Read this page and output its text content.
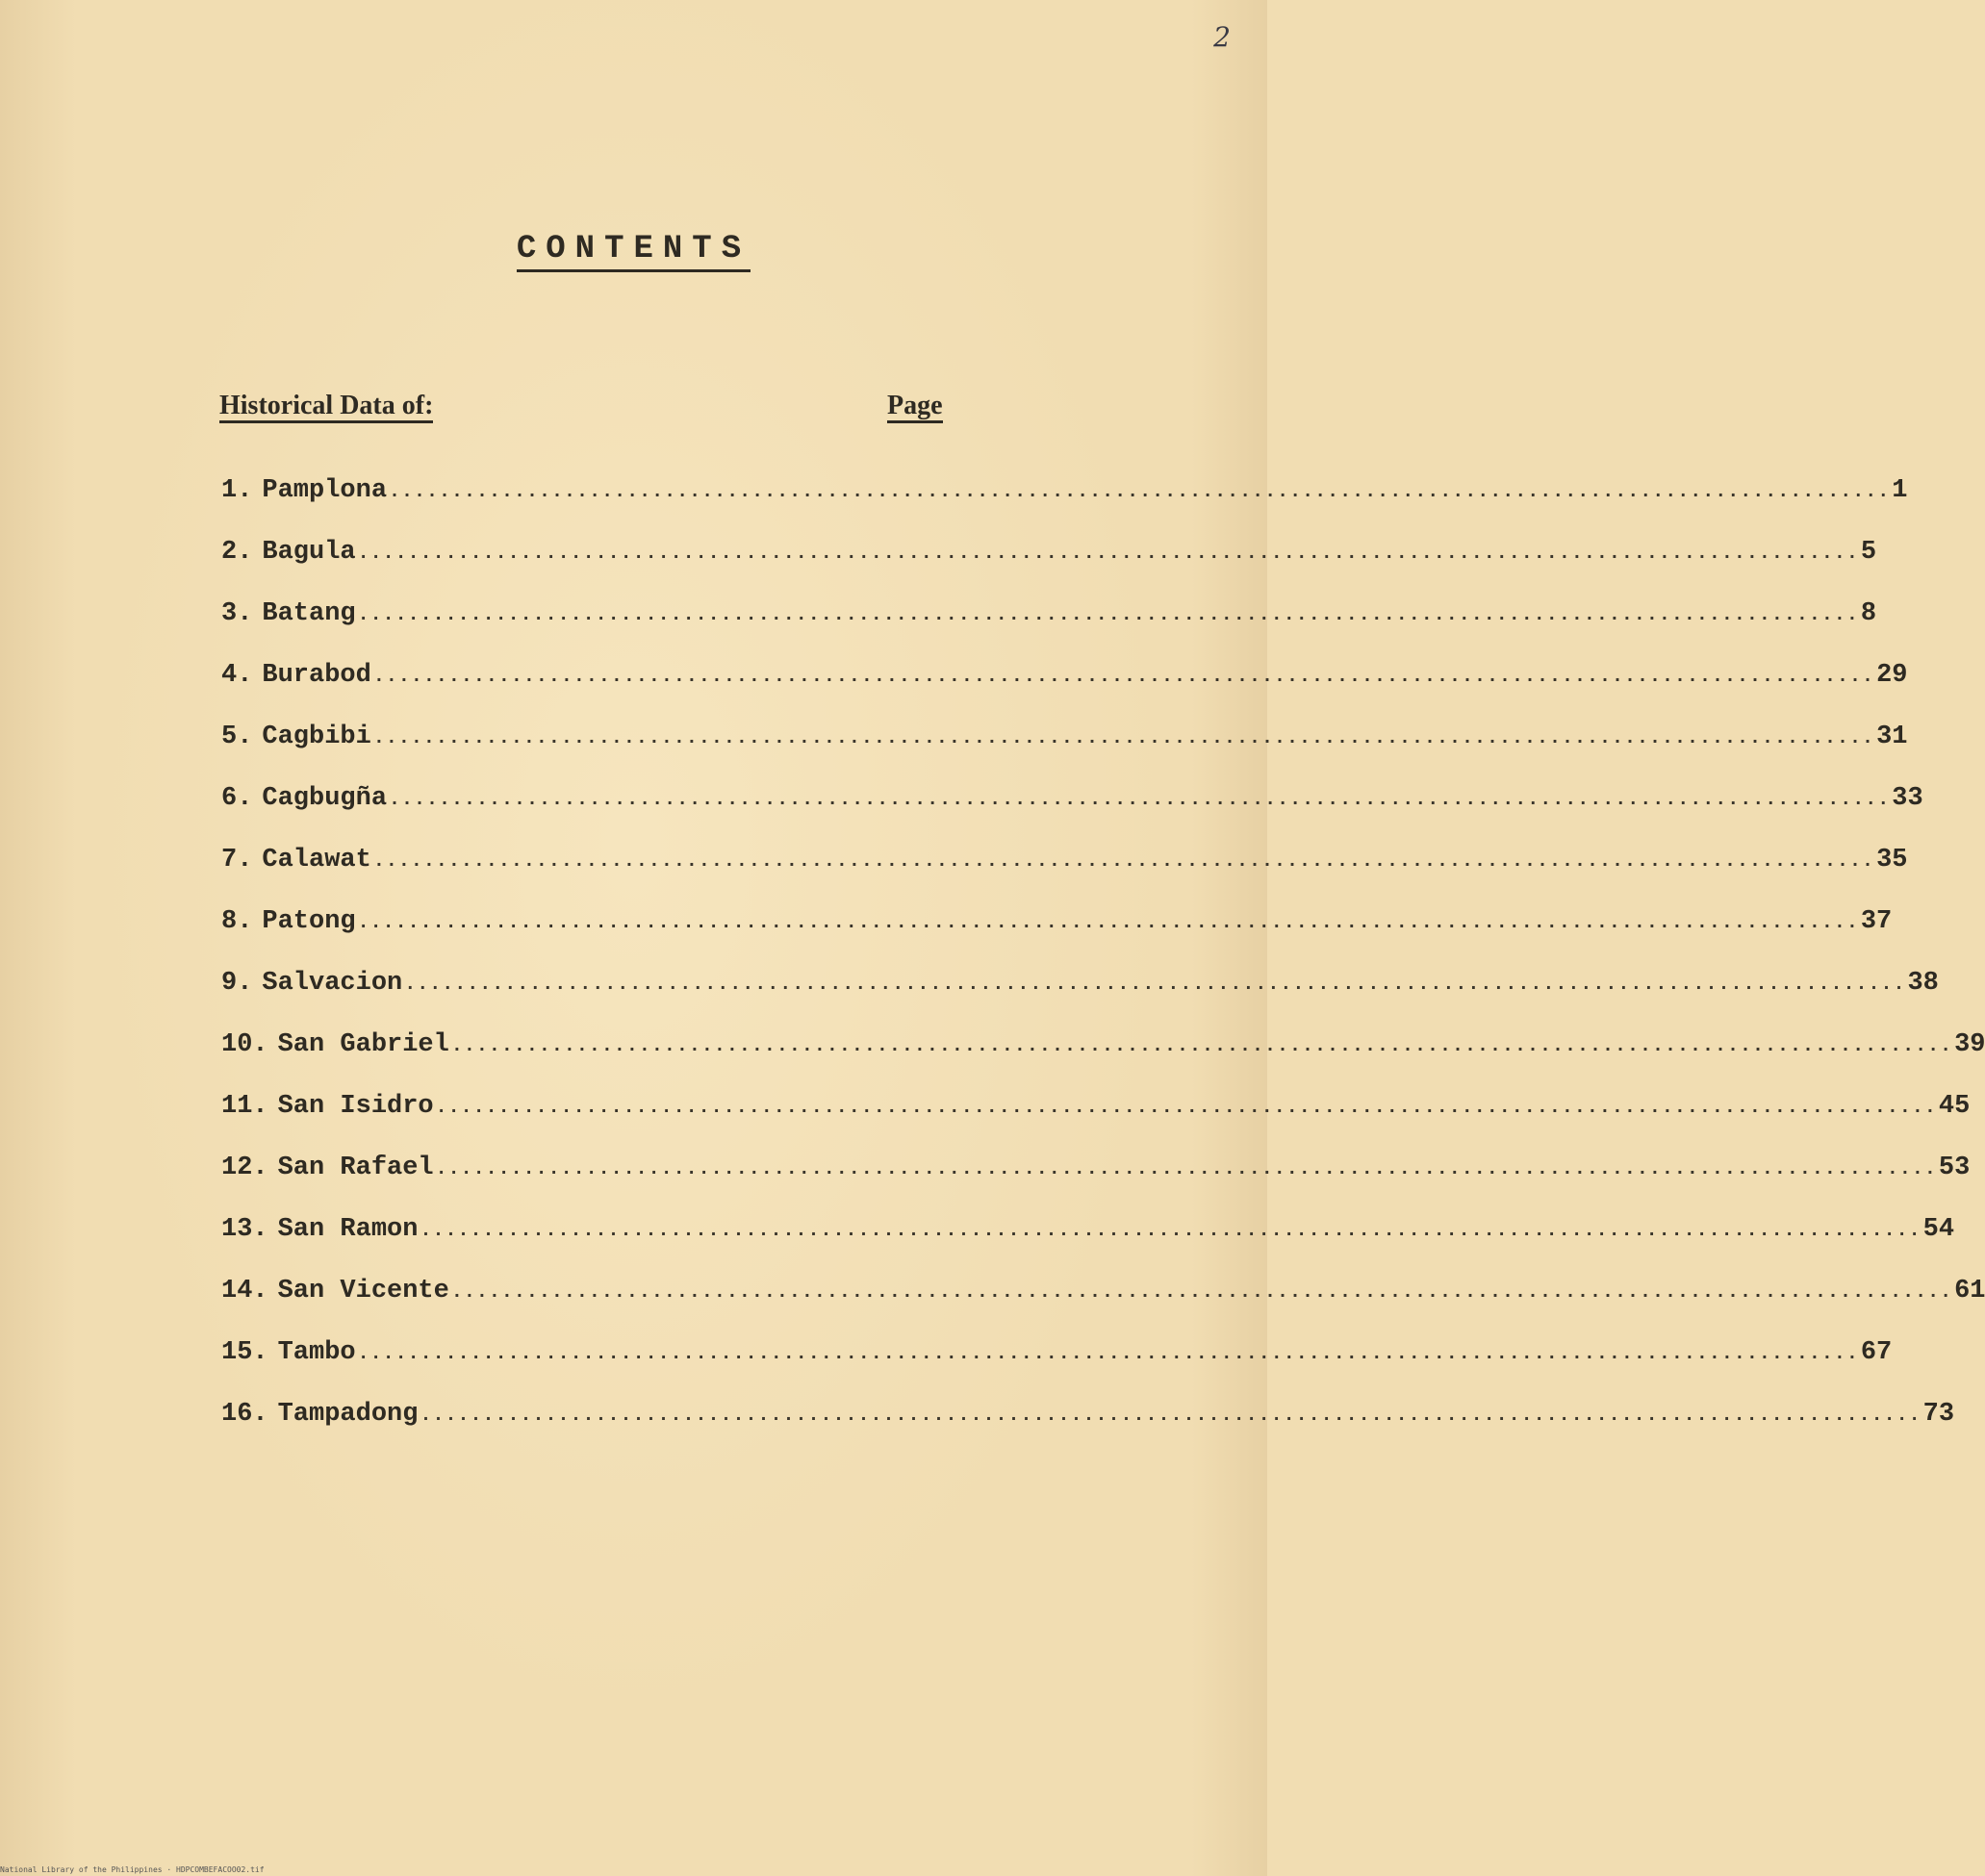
2
CONTENTS
Historical Data of:	Page
1. Pamplona ........................................................................................................................ 1
2. Bagula ........................................................................................................................ 5
3. Batang ........................................................................................................................ 8
4. Burabod ........................................................................................................................ 29
5. Cagbibi ........................................................................................................................ 31
6. Cagbugña ........................................................................................................................ 33
7. Calawat ........................................................................................................................ 35
8. Patong ........................................................................................................................ 37
9. Salvacion ........................................................................................................................ 38
10. San Gabriel ........................................................................................................................ 39
11. San Isidro ........................................................................................................................ 45
12. San Rafael ........................................................................................................................ 53
13. San Ramon ........................................................................................................................ 54
14. San Vicente ........................................................................................................................ 61
15. Tambo ........................................................................................................................ 67
16. Tampadong ........................................................................................................................ 73
National Library of the Philippines · HDPCOMBEFACOO02.tif
